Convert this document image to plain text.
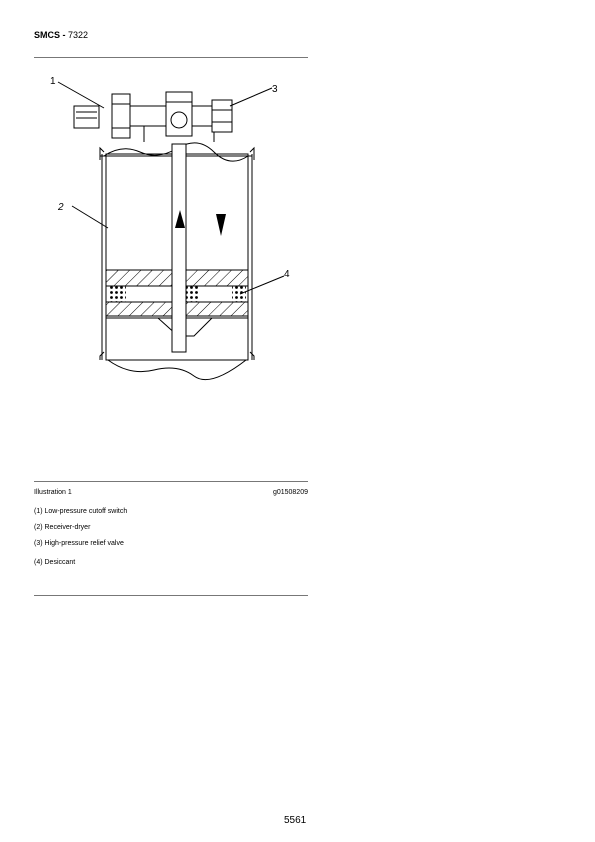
SMCS - 7322
1
3
2
4
Illustration 1	g01508209
(1) Low-pressure cutoff switch
(2) Receiver-dryer
(3) High-pressure relief valve
(4) Desiccant
5561
